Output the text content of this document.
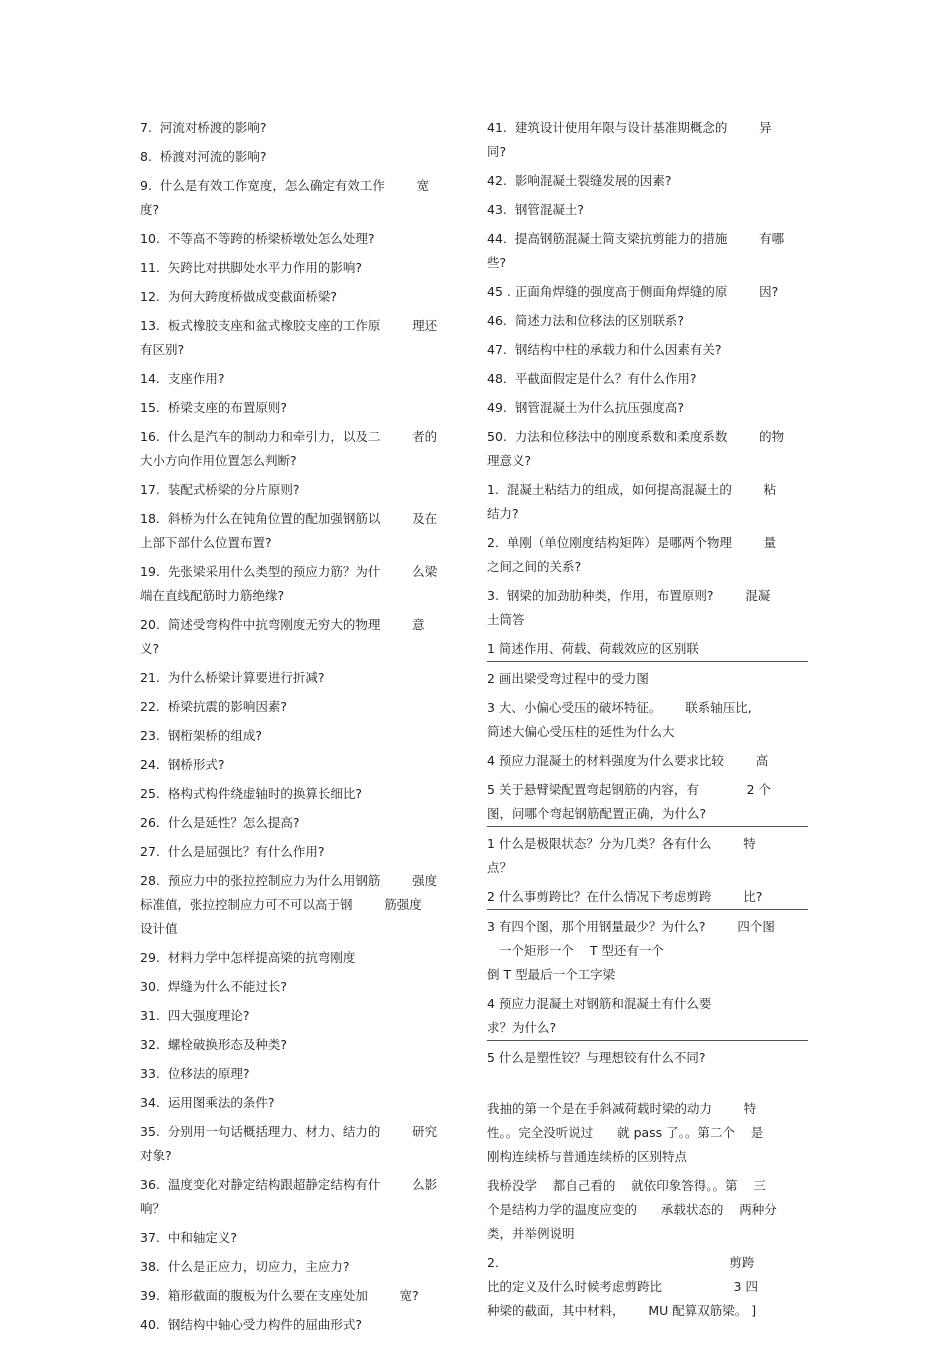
7.  河流对桥渡的影响?
8.  桥渡对河流的影响?
9.  什么是有效工作宽度，怎么确定有效工作        宽
度?
10.  不等高不等跨的桥梁桥墩处怎么处理?
11.  矢跨比对拱脚处水平力作用的影响?
12.  为何大跨度桥做成变截面桥梁?
13.  板式橡胶支座和盆式橡胶支座的工作原        理还
有区别?
14.  支座作用?
15.  桥梁支座的布置原则?
16.  什么是汽车的制动力和牵引力，以及二        者的
大小方向作用位置怎么判断?
17.  装配式桥梁的分片原则?
18.  斜桥为什么在钝角位置的配加强钢筋以        及在
上部下部什么位置布置?
19.  先张梁采用什么类型的预应力筋？为什        么梁
端在直线配筋时力筋绝缘?
20.  简述受弯构件中抗弯刚度无穷大的物理        意
义?
21.  为什么桥梁计算要进行折减?
22.  桥梁抗震的影响因素?
23.  钢桁架桥的组成?
24.  钢桥形式?
25.  格构式构件绕虚轴时的换算长细比?
26.  什么是延性？怎么提高?
27.  什么是屈强比？有什么作用?
28.  预应力中的张拉控制应力为什么用钢筋        强度
标准值，张拉控制应力可不可以高于钢        筋强度
设计值
29.  材料力学中怎样提高梁的抗弯刚度
30.  焊缝为什么不能过长?
31.  四大强度理论?
32.  螺栓破换形态及种类?
33.  位移法的原理?
34.  运用图乘法的条件?
35.  分别用一句话概括理力、材力、结力的        研究
对象?
36.  温度变化对静定结构跟超静定结构有什        么影
响？
37.  中和轴定义?
38.  什么是正应力，切应力，主应力?
39.  箱形截面的腹板为什么要在支座处加        宽?
40.  钢结构中轴心受力构件的屈曲形式?
41.  建筑设计使用年限与设计基准期概念的        异
同?
42.  影响混凝土裂缝发展的因素?
43.  钢管混凝土?
44.  提高钢筋混凝土简支梁抗剪能力的措施        有哪
些?
45 . 正面角焊缝的强度高于侧面角焊缝的原        因?
46.  简述力法和位移法的区别联系?
47.  钢结构中柱的承载力和什么因素有关?
48.  平截面假定是什么？有什么作用?
49.  钢管混凝土为什么抗压强度高?
50.  力法和位移法中的刚度系数和柔度系数        的物
理意义?
1.  混凝土粘结力的组成，如何提高混凝土的        粘
结力?
2.  单刚（单位刚度结构矩阵）是哪两个物理        量
之间之间的关系?
3.  钢梁的加劲肋种类，作用，布置原则?        混凝
土筒答
1 简述作用、荷载、荷载效应的区别联
2 画出梁受弯过程中的受力图
3 大、小偏心受压的破坏特征。      联系轴压比,
简述大偏心受压柱的延性为什么大
4 预应力混凝土的材料强度为什么要求比较        高
5 关于悬臂梁配置弯起钢筋的内容，有            2 个
图，问哪个弯起钢筋配置正确，为什么?
1 什么是极限状态？分为几类？各有什么        特
点？
2 什么事剪跨比？在什么情况下考虑剪跨        比?
3 有四个图，那个用钢量最少？为什么?        四个图
一个矩形一个    T 型还有一个
倒 T 型最后一个工字梁
4 预应力混凝土对钢筋和混凝土有什么要
求？为什么?
5 什么是塑性铰？与理想铰有什么不同?
我抽的第一个是在手斜减荷载时梁的动力        特
性。。完全没听说过      就 pass 了。。第二个    是
刚构连续桥与普通连续桥的区别特点
我桥没学    都自己看的    就依印象答得。。第    三
个是结构力学的温度应变的      承载状态的    两种分
类，并举例说明
2.                                                          剪跨
比的定义及什么时候考虑剪跨比                  3 四
种梁的截面，其中材料，      MU 配算双筋梁。 ]
